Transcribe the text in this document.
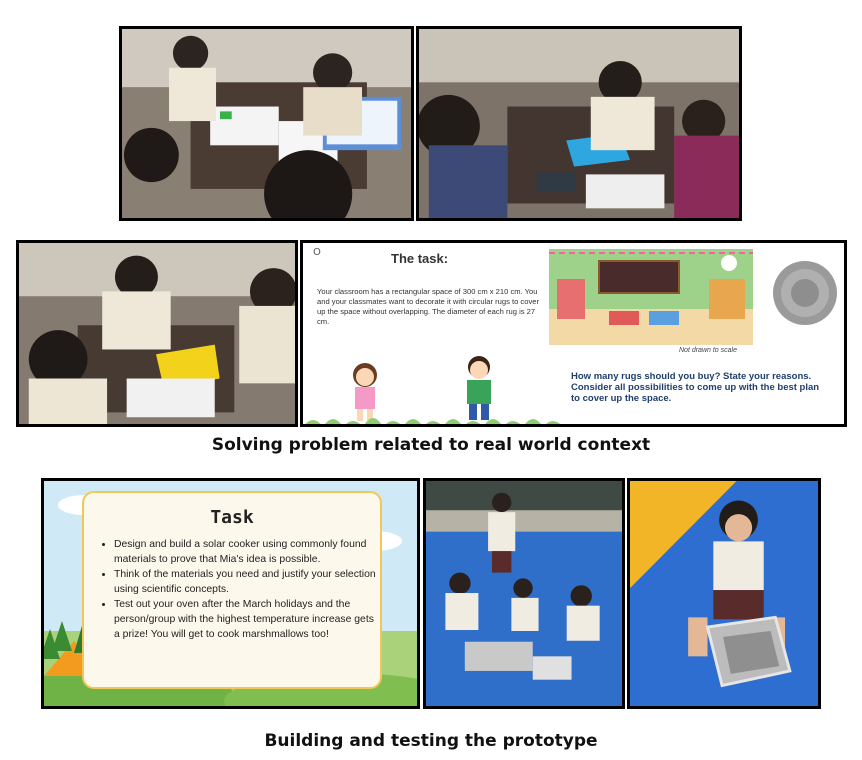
O	The task:
Your classroom has a rectangular space of 300 cm x 210 cm. You and your classmates want to decorate it with circular rugs to cover up the space without overlapping. The diameter of each rug is 27 cm.
Not drawn to scale
How many rugs should you buy? State your reasons.
Consider all possibilities to come up with the best plan
to cover up the space.
Solving problem related to real world context
Task
• Design and build a solar cooker using commonly found materials to prove that Mia's idea is possible.
• Think of the materials you need and justify your selection using scientific concepts.
• Test out your oven after the March holidays and the person/group with the highest temperature increase gets a prize! You will get to cook marshmallows too!
Building and testing the prototype
